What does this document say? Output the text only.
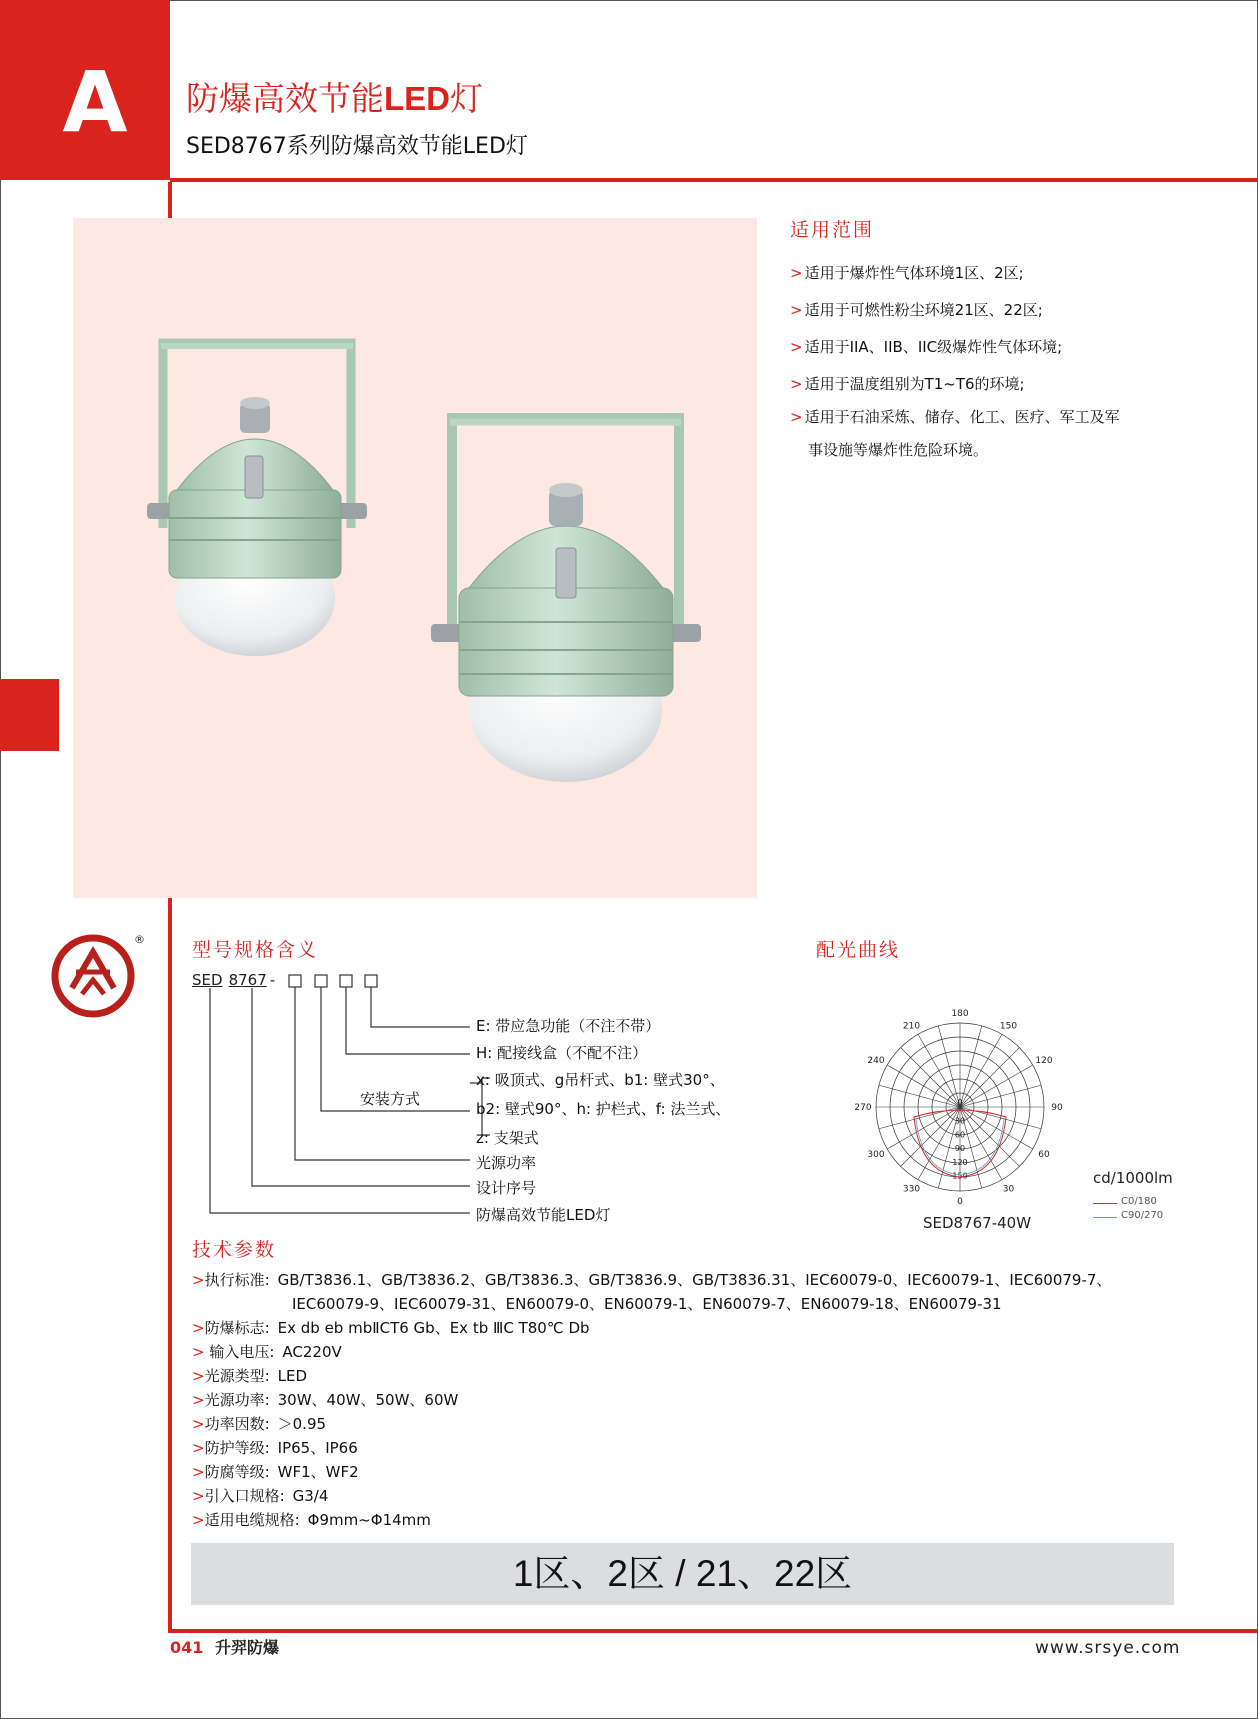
A	防爆高效节能LED灯
SED8767系列防爆高效节能LED灯
适用范围
> 适用于爆炸性气体环境1区、2区;
> 适用于可燃性粉尘环境21区、22区;
> 适用于IIA、IIB、IIC级爆炸性气体环境;
> 适用于温度组别为T1~T6的环境;
> 适用于石油采炼、储存、化工、医疗、军工及军
事设施等爆炸性危险环境。
® 型号规格含义
SED 8767 -
E: 带应急功能（不注不带）
H: 配接线盒（不配不注）
安装方式
x: 吸顶式、g吊杆式、b1: 壁式30°、
b2: 壁式90°、h: 护栏式、f: 法兰式、
z: 支架式
光源功率
设计序号
防爆高效节能LED灯
配光曲线
180
150
120
90
60
30
0
330
300
270
240
210
0
30
60
90
120
150	cd/1000lm
C0/180
C90/270
SED8767-40W
技术参数
>执行标准: GB/T3836.1、GB/T3836.2、GB/T3836.3、GB/T3836.9、GB/T3836.31、IEC60079-0、IEC60079-1、IEC60079-7、
IEC60079-9、IEC60079-31、EN60079-0、EN60079-1、EN60079-7、EN60079-18、EN60079-31
>防爆标志: Ex db eb mbⅡCT6 Gb、Ex tb ⅢC T80℃ Db
> 输入电压: AC220V
>光源类型: LED
>光源功率: 30W、40W、50W、60W
>功率因数: ＞0.95
>防护等级: IP65、IP66
>防腐等级: WF1、WF2
>引入口规格: G3/4
>适用电缆规格: Φ9mm~Φ14mm
1区、2区 / 21、22区
041 升羿防爆	www.srsye.com
